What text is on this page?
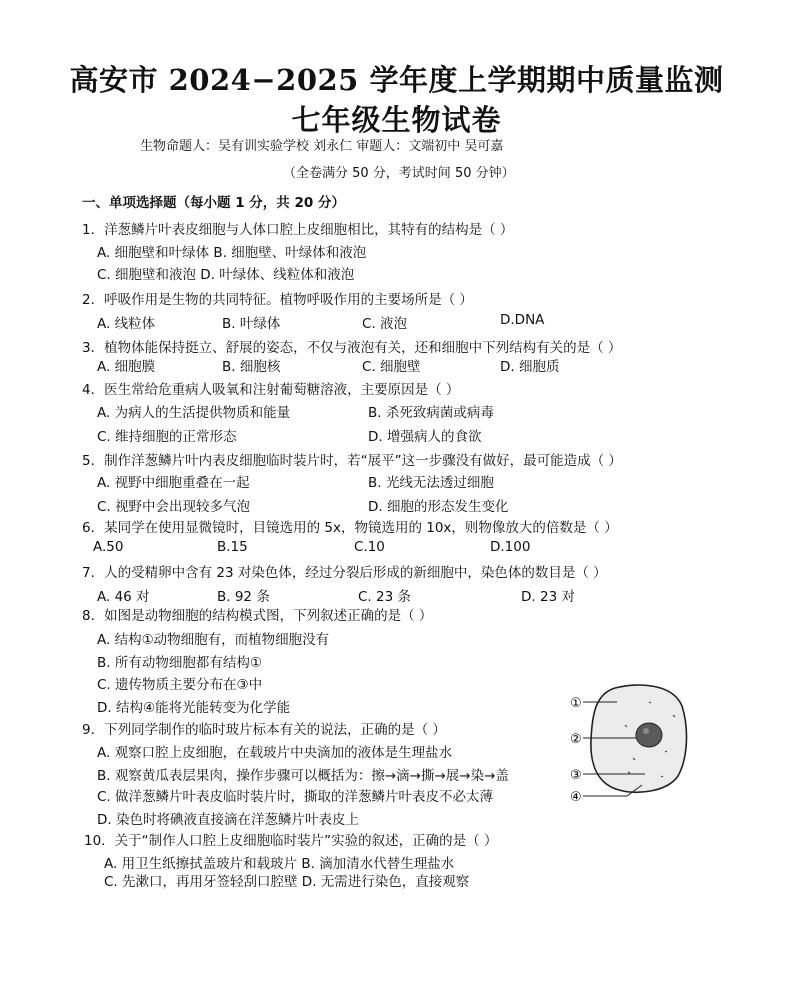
高安市 2024−2025 学年度上学期期中质量监测
七年级生物试卷
生物命题人：吴有训实验学校 刘永仁 审题人：文端初中 吴可嘉
（全卷满分 50 分，考试时间 50 分钟）
一、单项选择题（每小题 1 分，共 20 分）
1．洋葱鳞片叶表皮细胞与人体口腔上皮细胞相比，其特有的结构是（ ）
A. 细胞壁和叶绿体 B. 细胞壁、叶绿体和液泡
C. 细胞壁和液泡 D. 叶绿体、线粒体和液泡
2．呼吸作用是生物的共同特征。植物呼吸作用的主要场所是（ ）
A. 线粒体	B. 叶绿体	C. 液泡	D.DNA
3．植物体能保持挺立、舒展的姿态，不仅与液泡有关，还和细胞中下列结构有关的是（ ）
A. 细胞膜	B. 细胞核	C. 细胞壁	D. 细胞质
4．医生常给危重病人吸氧和注射葡萄糖溶液，主要原因是（ ）
A. 为病人的生活提供物质和能量	B. 杀死致病菌或病毒
C. 维持细胞的正常形态	D. 增强病人的食欲
5．制作洋葱鳞片叶内表皮细胞临时装片时，若“展平”这一步骤没有做好，最可能造成（ ）
A. 视野中细胞重叠在一起	B. 光线无法透过细胞
C. 视野中会出现较多气泡	D. 细胞的形态发生变化
6．某同学在使用显微镜时，目镜选用的 5x，物镜选用的 10x，则物像放大的倍数是（ ）
A.50	B.15	C.10	D.100
7．人的受精卵中含有 23 对染色体，经过分裂后形成的新细胞中，染色体的数目是（ ）
A. 46 对	B. 92 条	C. 23 条	D. 23 对
8．如图是动物细胞的结构模式图，下列叙述正确的是（ ）
A. 结构①动物细胞有，而植物细胞没有
B. 所有动物细胞都有结构①
C. 遗传物质主要分布在③中
D. 结构④能将光能转变为化学能
9．下列同学制作的临时玻片标本有关的说法，正确的是（ ）
A. 观察口腔上皮细胞，在载玻片中央滴加的液体是生理盐水
B. 观察黄瓜表层果肉，操作步骤可以概括为：擦→滴→撕→展→染→盖
C. 做洋葱鳞片叶表皮临时装片时，撕取的洋葱鳞片叶表皮不必太薄
D. 染色时将碘液直接滴在洋葱鳞片叶表皮上
10．关于“制作人口腔上皮细胞临时装片”实验的叙述，正确的是（ ）
A. 用卫生纸擦拭盖玻片和载玻片 B. 滴加清水代替生理盐水
C. 先漱口，再用牙签轻刮口腔壁 D. 无需进行染色，直接观察
①
②
③
④
